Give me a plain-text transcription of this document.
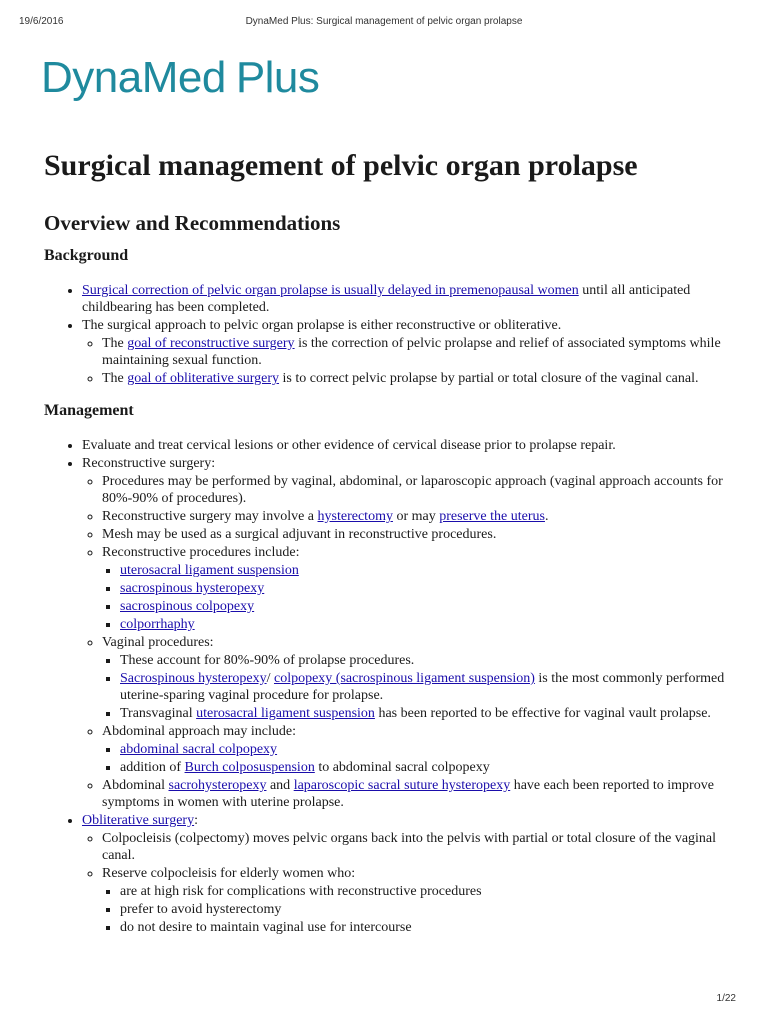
19/6/2016	DynaMed Plus: Surgical management of pelvic organ prolapse
DynaMed Plus
Surgical management of pelvic organ prolapse
Overview and Recommendations
Background
• Surgical correction of pelvic organ prolapse is usually delayed in premenopausal women until all anticipated childbearing has been completed.
• The surgical approach to pelvic organ prolapse is either reconstructive or obliterative.
◦ The goal of reconstructive surgery is the correction of pelvic prolapse and relief of associated symptoms while maintaining sexual function.
◦ The goal of obliterative surgery is to correct pelvic prolapse by partial or total closure of the vaginal canal.
Management
• Evaluate and treat cervical lesions or other evidence of cervical disease prior to prolapse repair.
• Reconstructive surgery:
◦ Procedures may be performed by vaginal, abdominal, or laparoscopic approach (vaginal approach accounts for 80%-90% of procedures).
◦ Reconstructive surgery may involve a hysterectomy or may preserve the uterus.
◦ Mesh may be used as a surgical adjuvant in reconstructive procedures.
◦ Reconstructive procedures include:
▪ uterosacral ligament suspension
▪ sacrospinous hysteropexy
▪ sacrospinous colpopexy
▪ colporrhaphy
◦ Vaginal procedures:
▪ These account for 80%-90% of prolapse procedures.
▪ Sacrospinous hysteropexy/ colpopexy (sacrospinous ligament suspension) is the most commonly performed uterine-sparing vaginal procedure for prolapse.
▪ Transvaginal uterosacral ligament suspension has been reported to be effective for vaginal vault prolapse.
◦ Abdominal approach may include:
▪ abdominal sacral colpopexy
▪ addition of Burch colposuspension to abdominal sacral colpopexy
◦ Abdominal sacrohysteropexy and laparoscopic sacral suture hysteropexy have each been reported to improve symptoms in women with uterine prolapse.
• Obliterative surgery:
◦ Colpocleisis (colpectomy) moves pelvic organs back into the pelvis with partial or total closure of the vaginal canal.
◦ Reserve colpocleisis for elderly women who:
▪ are at high risk for complications with reconstructive procedures
▪ prefer to avoid hysterectomy
▪ do not desire to maintain vaginal use for intercourse
1/22
